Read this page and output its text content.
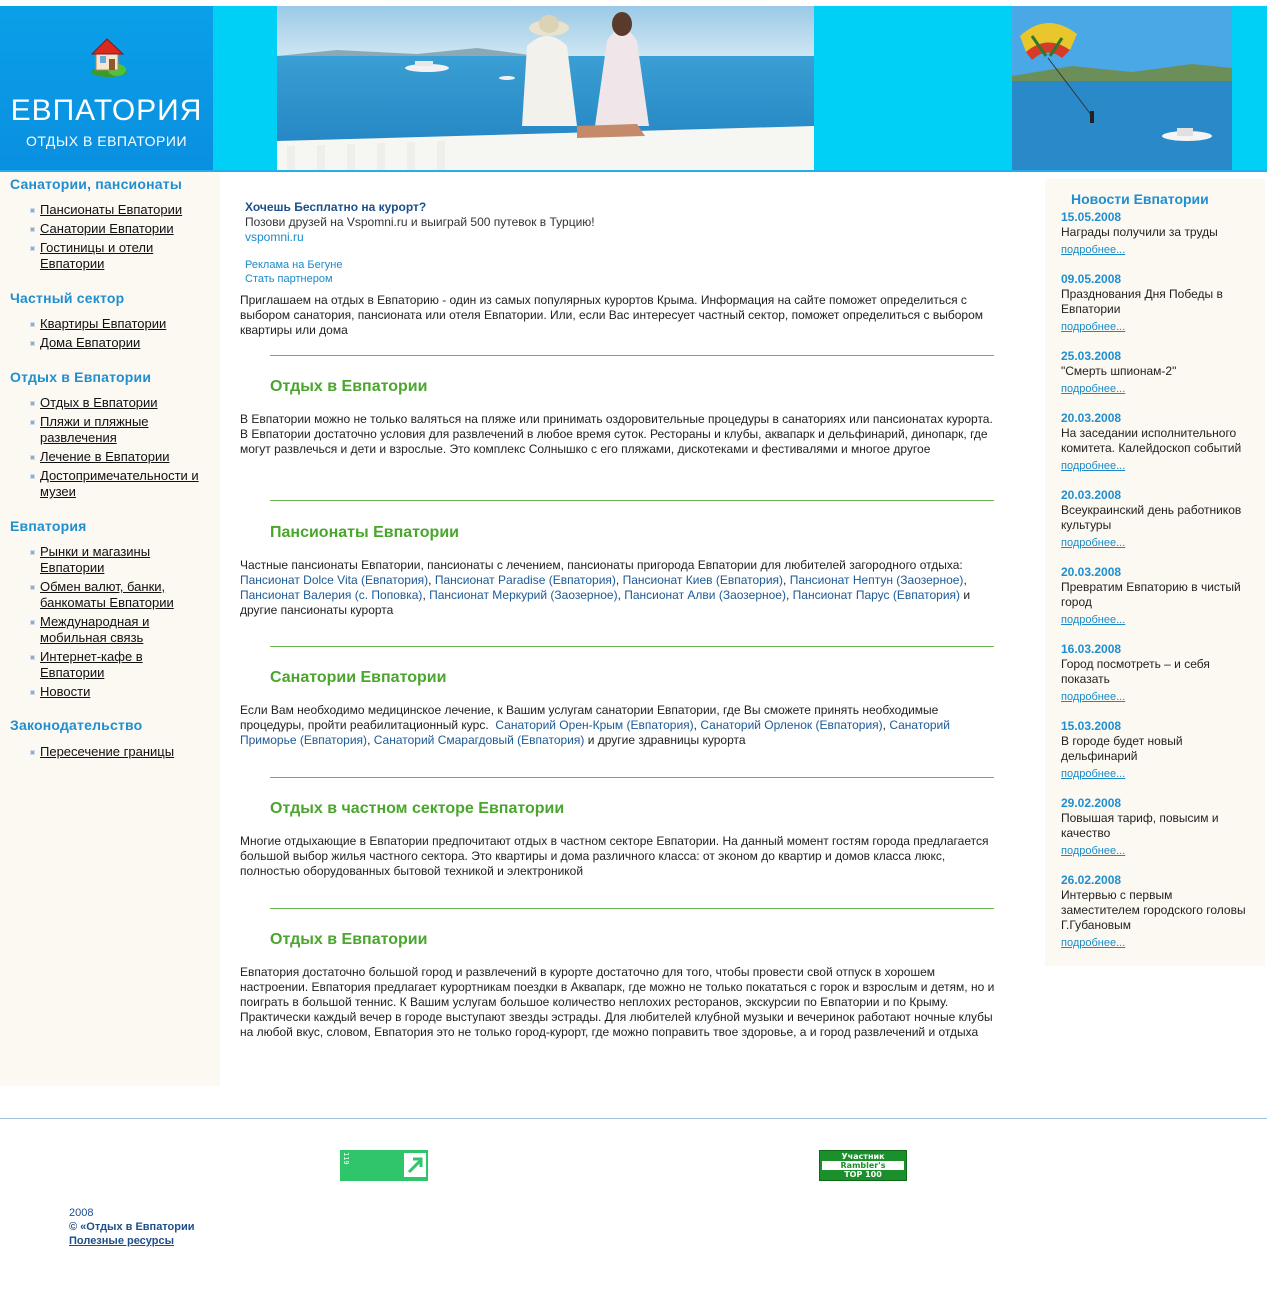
ЕВПАТОРИЯ
ОТДЫХ В ЕВПАТОРИИ
Санатории, пансионаты
Пансионаты Евпатории
Санатории Евпатории
Гостиницы и отели Евпатории
Частный сектор
Квартиры Евпатории
Дома Евпатории
Отдых в Евпатории
Отдых в Евпатории
Пляжи и пляжные развлечения
Лечение в Евпатории
Достопримечательности и музеи
Евпатория
Рынки и магазины Евпатории
Обмен валют, банки, банкоматы Евпатории
Международная и мобильная связь
Интернет-кафе в Евпатории
Новости
Законодательство
Пересечение границы
Хочешь Бесплатно на курорт?
Позови друзей на Vspomni.ru и выиграй 500 путевок в Турцию!
vspomni.ru
Реклама на Бегуне
Стать партнером
Приглашаем на отдых в Евпаторию - один из самых популярных курортов Крыма. Информация на сайте поможет определиться с выбором санатория, пансионата или отеля Евпатории. Или, если Вас интересует частный сектор, поможет определиться с выбором квартиры или дома
Отдых в Евпатории
В Евпатории можно не только валяться на пляже или принимать оздоровительные процедуры в санаториях или пансионатах курорта. В Евпатории достаточно условия для развлечений в любое время суток. Рестораны и клубы, аквапарк и дельфинарий, динопарк, где могут развлечься и дети и взрослые. Это комплекс Солнышко с его пляжами, дискотеками и фестивалями и многое другое
Пансионаты Евпатории
Частные пансионаты Евпатории, пансионаты с лечением, пансионаты пригорода Евпатории для любителей загородного отдыха:
Пансионат Dolce Vita (Евпатория), Пансионат Paradise (Евпатория), Пансионат Киев (Евпатория), Пансионат Нептун (Заозерное), Пансионат Валерия (с. Поповка), Пансионат Меркурий (Заозерное), Пансионат Алви (Заозерное), Пансионат Парус (Евпатория) и другие пансионаты курорта
Санатории Евпатории
Если Вам необходимо медицинское лечение, к Вашим услугам санатории Евпатории, где Вы сможете принять необходимые процедуры, пройти реабилитационный курс. Санаторий Орен-Крым (Евпатория), Санаторий Орленок (Евпатория), Санаторий Приморье (Евпатория), Санаторий Смарагдовый (Евпатория) и другие здравницы курорта
Отдых в частном секторе Евпатории
Многие отдыхающие в Евпатории предпочитают отдых в частном секторе Евпатории. На данный момент гостям города предлагается большой выбор жилья частного сектора. Это квартиры и дома различного класса: от эконом до квартир и домов класса люкс, полностью оборудованных бытовой техникой и электроникой
Отдых в Евпатории
Евпатория достаточно большой город и развлечений в курорте достаточно для того, чтобы провести свой отпуск в хорошем настроении. Евпатория предлагает курортникам поездки в Аквапарк, где можно не только покататься с горок и взрослым и детям, но и поиграть в большой теннис. К Вашим услугам большое количество неплохих ресторанов, экскурсии по Евпатории и по Крыму. Практически каждый вечер в городе выступают звезды эстрады. Для любителей клубной музыки и вечеринок работают ночные клубы на любой вкус, словом, Евпатория это не только город-курорт, где можно поправить твое здоровье, а и город развлечений и отдыха
Новости Евпатории
15.05.2008
Награды получили за труды
подробнее...
09.05.2008
Празднования Дня Победы в Евпатории
подробнее...
25.03.2008
"Смерть шпионам-2"
подробнее...
20.03.2008
На заседании исполнительного комитета. Калейдоскоп событий
подробнее...
20.03.2008
Всеукраинский день работников культуры
подробнее...
20.03.2008
Превратим Евпаторию в чистый город
подробнее...
16.03.2008
Город посмотреть – и себя показать
подробнее...
15.03.2008
В городе будет новый дельфинарий
подробнее...
29.02.2008
Повышая тариф, повысим и качество
подробнее...
26.02.2008
Интервью с первым заместителем городского головы Г.Губановым
подробнее...
119	Участник
Rambler's
TOP 100
2008
© «Отдых в Евпатории
Полезные ресурсы
